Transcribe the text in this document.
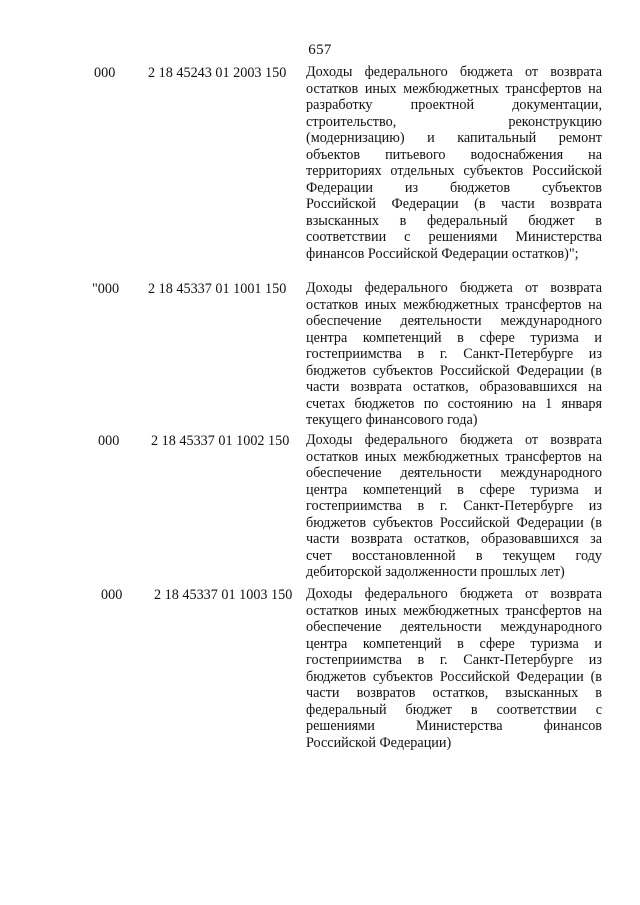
657
000 2 18 45243 01 2003 150 Доходы федерального бюджета от возврата
остатков иных межбюджетных трансфертов на
разработку проектной документации,
строительство, реконструкцию
(модернизацию) и капитальный ремонт
объектов питьевого водоснабжения на
территориях отдельных субъектов Российской
Федерации из бюджетов субъектов
Российской Федерации (в части возврата
взысканных в федеральный бюджет в
соответствии с решениями Министерства
финансов Российской Федерации остатков)";
"000 2 18 45337 01 1001 150 Доходы федерального бюджета от возврата
остатков иных межбюджетных трансфертов на
обеспечение деятельности международного
центра компетенций в сфере туризма и
гостеприимства в г. Санкт-Петербурге из
бюджетов субъектов Российской Федерации (в
части возврата остатков, образовавшихся на
счетах бюджетов по состоянию на 1 января
текущего финансового года)
000 2 18 45337 01 1002 150 Доходы федерального бюджета от возврата
остатков иных межбюджетных трансфертов на
обеспечение деятельности международного
центра компетенций в сфере туризма и
гостеприимства в г. Санкт-Петербурге из
бюджетов субъектов Российской Федерации (в
части возврата остатков, образовавшихся за
счет восстановленной в текущем году
дебиторской задолженности прошлых лет)
000 2 18 45337 01 1003 150 Доходы федерального бюджета от возврата
остатков иных межбюджетных трансфертов на
обеспечение деятельности международного
центра компетенций в сфере туризма и
гостеприимства в г. Санкт-Петербурге из
бюджетов субъектов Российской Федерации (в
части возвратов остатков, взысканных в
федеральный бюджет в соответствии с
решениями Министерства финансов
Российской Федерации)
